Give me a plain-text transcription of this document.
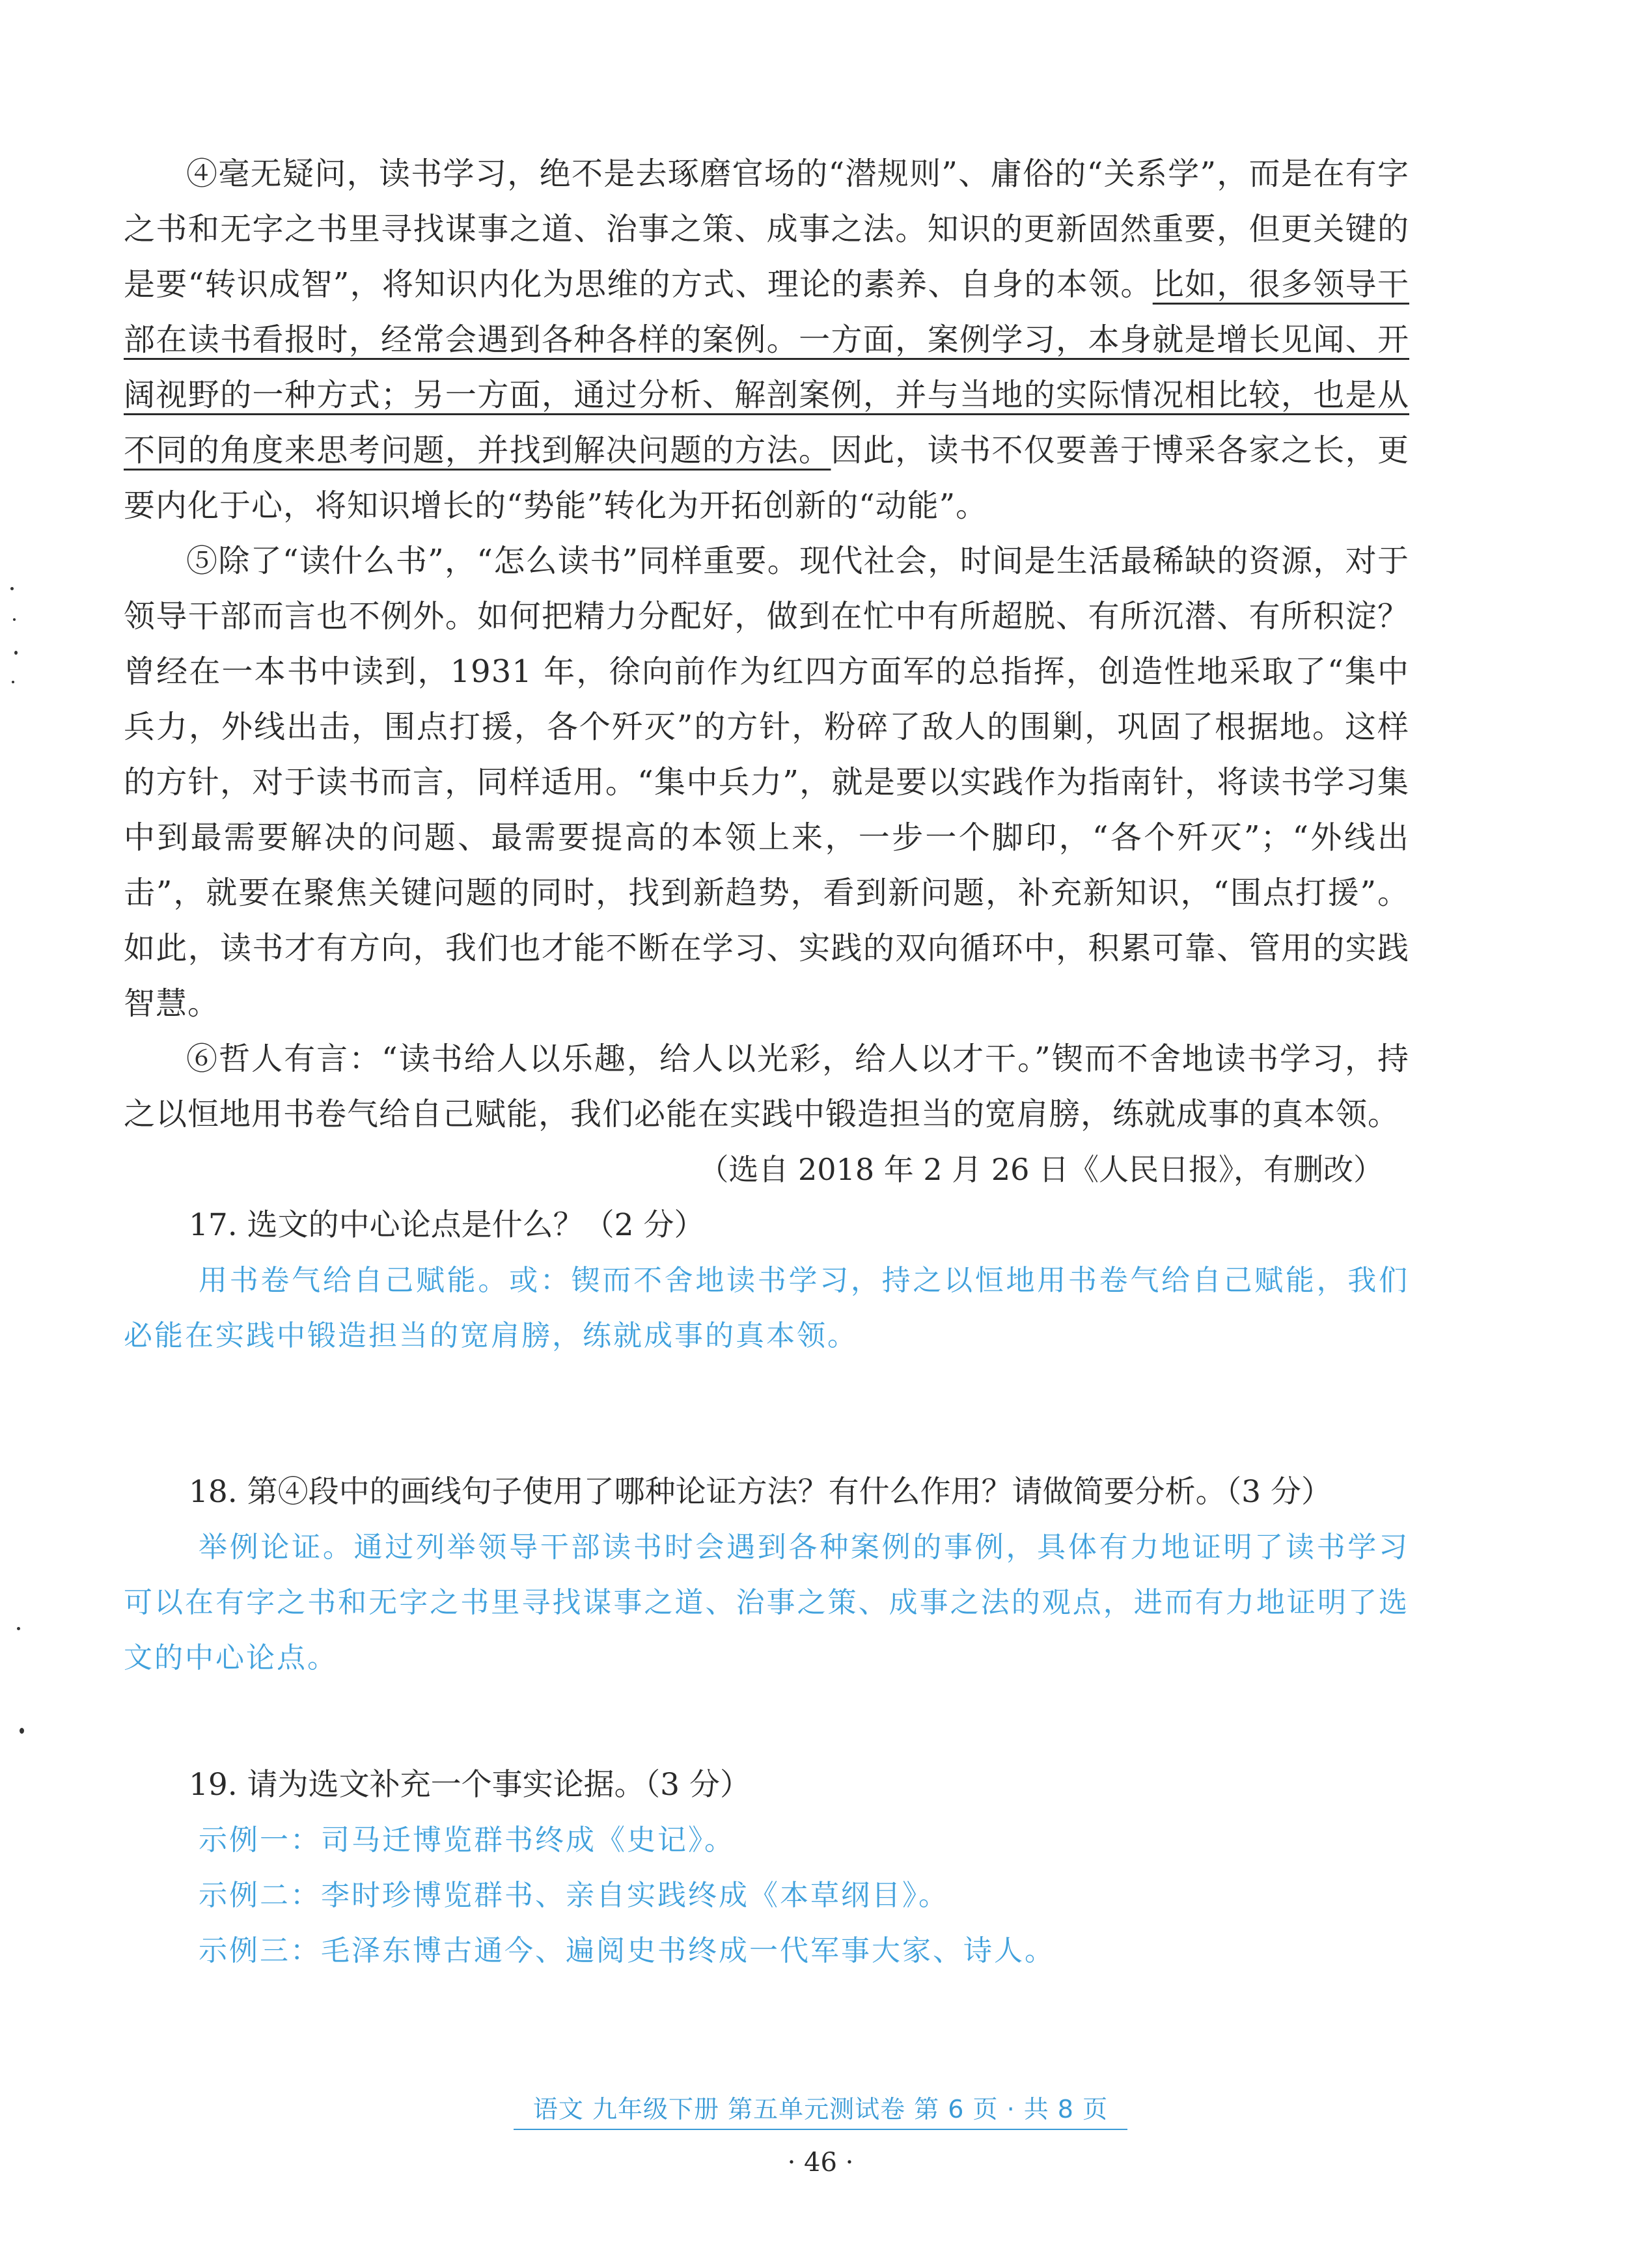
④毫无疑问，读书学习，绝不是去琢磨官场的“潜规则”、庸俗的“关系学”，而是在有字之书和无字之书里寻找谋事之道、治事之策、成事之法。知识的更新固然重要，但更关键的是要“转识成智”，将知识内化为思维的方式、理论的素养、自身的本领。比如，很多领导干部在读书看报时，经常会遇到各种各样的案例。一方面，案例学习，本身就是增长见闻、开阔视野的一种方式；另一方面，通过分析、解剖案例，并与当地的实际情况相比较，也是从不同的角度来思考问题，并找到解决问题的方法。因此，读书不仅要善于博采各家之长，更要内化于心，将知识增长的“势能”转化为开拓创新的“动能”。

⑤除了“读什么书”，“怎么读书”同样重要。现代社会，时间是生活最稀缺的资源，对于领导干部而言也不例外。如何把精力分配好，做到在忙中有所超脱、有所沉潜、有所积淀？曾经在一本书中读到，1931 年，徐向前作为红四方面军的总指挥，创造性地采取了“集中兵力，外线出击，围点打援，各个歼灭”的方针，粉碎了敌人的围剿，巩固了根据地。这样的方针，对于读书而言，同样适用。“集中兵力”，就是要以实践作为指南针，将读书学习集中到最需要解决的问题、最需要提高的本领上来，一步一个脚印，“各个歼灭”；“外线出击”，就要在聚焦关键问题的同时，找到新趋势，看到新问题，补充新知识，“围点打援”。如此，读书才有方向，我们也才能不断在学习、实践的双向循环中，积累可靠、管用的实践智慧。

⑥哲人有言：“读书给人以乐趣，给人以光彩，给人以才干。”锲而不舍地读书学习，持之以恒地用书卷气给自己赋能，我们必能在实践中锻造担当的宽肩膀，练就成事的真本领。

（选自 2018 年 2 月 26 日《人民日报》，有删改）

17. 选文的中心论点是什么？（2 分）

用书卷气给自己赋能。或：锲而不舍地读书学习，持之以恒地用书卷气给自己赋能，我们必能在实践中锻造担当的宽肩膀，练就成事的真本领。

18. 第④段中的画线句子使用了哪种论证方法？有什么作用？请做简要分析。（3 分）

举例论证。通过列举领导干部读书时会遇到各种案例的事例，具体有力地证明了读书学习可以在有字之书和无字之书里寻找谋事之道、治事之策、成事之法的观点，进而有力地证明了选文的中心论点。

19. 请为选文补充一个事实论据。（3 分）

示例一：司马迁博览群书终成《史记》。

示例二：李时珍博览群书、亲自实践终成《本草纲目》。

示例三：毛泽东博古通今、遍阅史书终成一代军事大家、诗人。

语文 九年级下册 第五单元测试卷 第 6 页 · 共 8 页
· 46 ·
